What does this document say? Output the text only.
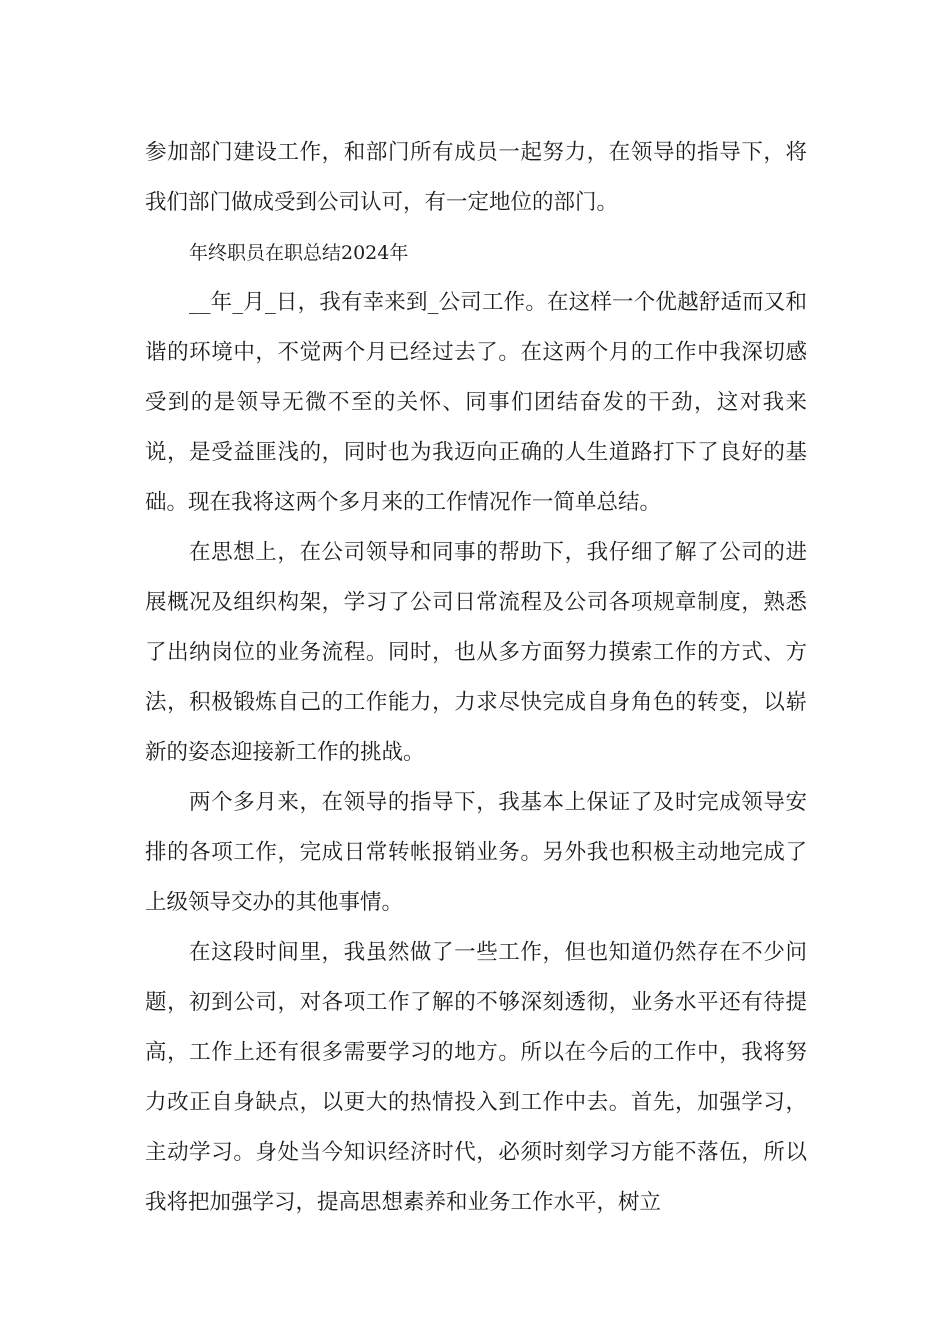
参加部门建设工作，和部门所有成员一起努力，在领导的指导下，将我们部门做成受到公司认可，有一定地位的部门。

年终职员在职总结2024年

__年_月_日，我有幸来到_公司工作。在这样一个优越舒适而又和谐的环境中，不觉两个月已经过去了。在这两个月的工作中我深切感受到的是领导无微不至的关怀、同事们团结奋发的干劲，这对我来说，是受益匪浅的，同时也为我迈向正确的人生道路打下了良好的基础。现在我将这两个多月来的工作情况作一简单总结。

在思想上，在公司领导和同事的帮助下，我仔细了解了公司的进展概况及组织构架，学习了公司日常流程及公司各项规章制度，熟悉了出纳岗位的业务流程。同时，也从多方面努力摸索工作的方式、方法，积极锻炼自己的工作能力，力求尽快完成自身角色的转变，以崭新的姿态迎接新工作的挑战。

两个多月来，在领导的指导下，我基本上保证了及时完成领导安排的各项工作，完成日常转帐报销业务。另外我也积极主动地完成了上级领导交办的其他事情。

在这段时间里，我虽然做了一些工作，但也知道仍然存在不少问题，初到公司，对各项工作了解的不够深刻透彻，业务水平还有待提高，工作上还有很多需要学习的地方。所以在今后的工作中，我将努力改正自身缺点，以更大的热情投入到工作中去。首先，加强学习，主动学习。身处当今知识经济时代，必须时刻学习方能不落伍，所以我将把加强学习，提高思想素养和业务工作水平，树立
